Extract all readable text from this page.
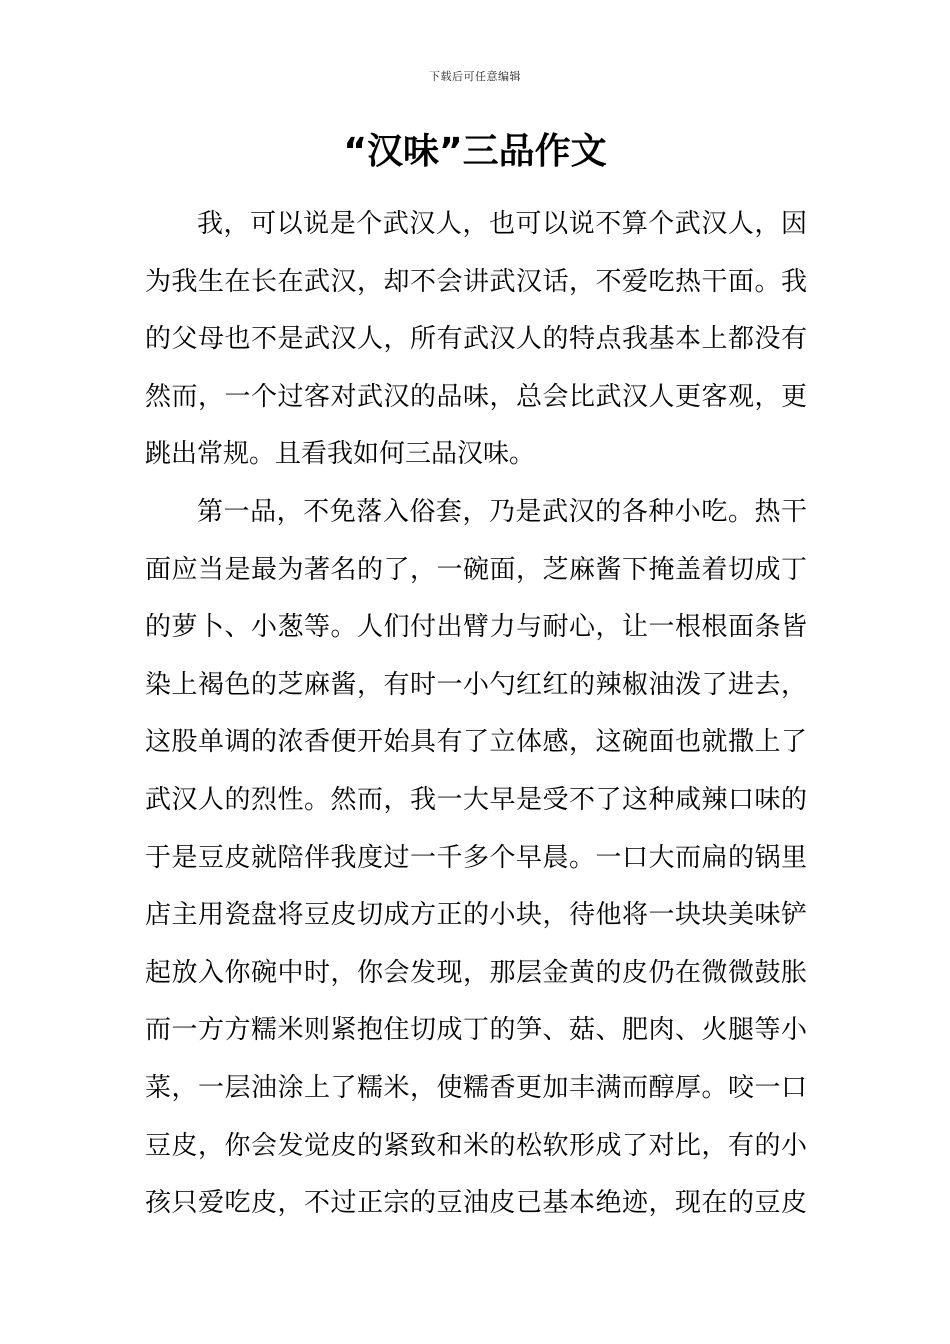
下载后可任意编辑
“汉味”三品作文
我，可以说是个武汉人，也可以说不算个武汉人，因
为我生在长在武汉，却不会讲武汉话，不爱吃热干面。我
的父母也不是武汉人，所有武汉人的特点我基本上都没有
然而，一个过客对武汉的品味，总会比武汉人更客观，更
跳出常规。且看我如何三品汉味。
第一品，不免落入俗套，乃是武汉的各种小吃。热干
面应当是最为著名的了，一碗面，芝麻酱下掩盖着切成丁
的萝卜、小葱等。人们付出臂力与耐心，让一根根面条皆
染上褐色的芝麻酱，有时一小勺红红的辣椒油泼了进去，
这股单调的浓香便开始具有了立体感，这碗面也就撒上了
武汉人的烈性。然而，我一大早是受不了这种咸辣口味的
于是豆皮就陪伴我度过一千多个早晨。一口大而扁的锅里
店主用瓷盘将豆皮切成方正的小块，待他将一块块美味铲
起放入你碗中时，你会发现，那层金黄的皮仍在微微鼓胀
而一方方糯米则紧抱住切成丁的笋、菇、肥肉、火腿等小
菜，一层油涂上了糯米，使糯香更加丰满而醇厚。咬一口
豆皮，你会发觉皮的紧致和米的松软形成了对比，有的小
孩只爱吃皮，不过正宗的豆油皮已基本绝迹，现在的豆皮
